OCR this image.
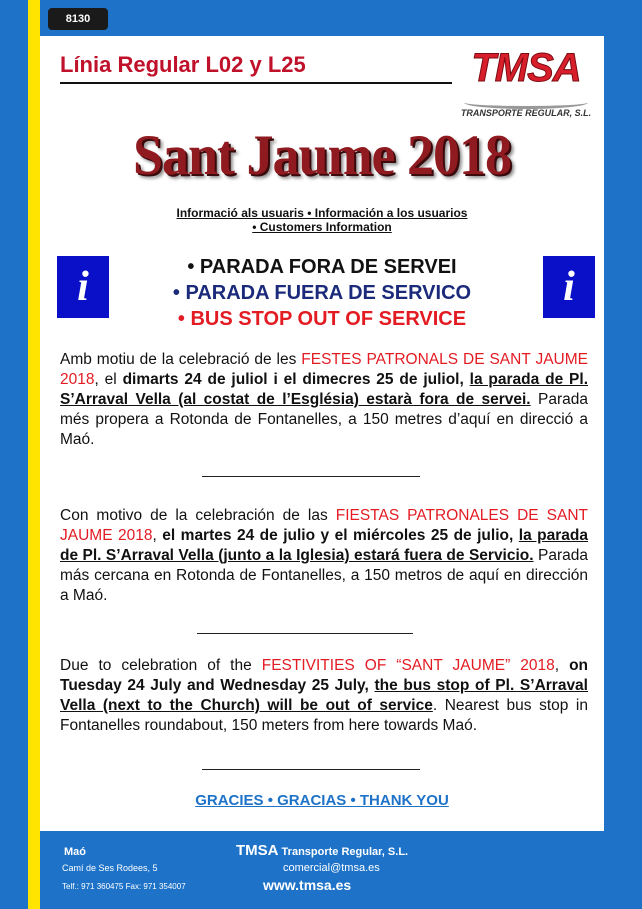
8130
Línia Regular L02 y L25	TMSA
TRANSPORTE REGULAR, S.L.
Sant Jaume 2018
Informació als usuaris • Información a los usuarios
• Customers Information
i	i
• PARADA FORA DE SERVEI
• PARADA FUERA DE SERVICO
• BUS STOP OUT OF SERVICE
Amb motiu de la celebració de les FESTES PATRONALS DE SANT JAUME 2018, el dimarts 24 de juliol i el dimecres 25 de juliol, la parada de Pl. S’Arraval Vella (al costat de l’Església) estarà fora de servei. Parada més propera a Rotonda de Fontanelles, a 150 metres d’aquí en direcció a Maó.
Con motivo de la celebración de las FIESTAS PATRONALES DE SANT JAUME 2018, el martes 24 de julio y el miércoles 25 de julio, la parada de Pl. S’Arraval Vella (junto a la Iglesia) estará fuera de Servicio. Parada más cercana en Rotonda de Fontanelles, a 150 metros de aquí en dirección a Maó.
Due to celebration of the FESTIVITIES OF “SANT JAUME” 2018, on Tuesday 24 July and Wednesday 25 July, the bus stop of Pl. S’Arraval Vella (next to the Church) will be out of service. Nearest bus stop in Fontanelles roundabout, 150 meters from here towards Maó.
GRACIES • GRACIAS • THANK YOU
Maó
Camí de Ses Rodees, 5
Telf.: 971 360475 Fax: 971 354007
TMSA Transporte Regular, S.L.
comercial@tmsa.es
www.tmsa.es
